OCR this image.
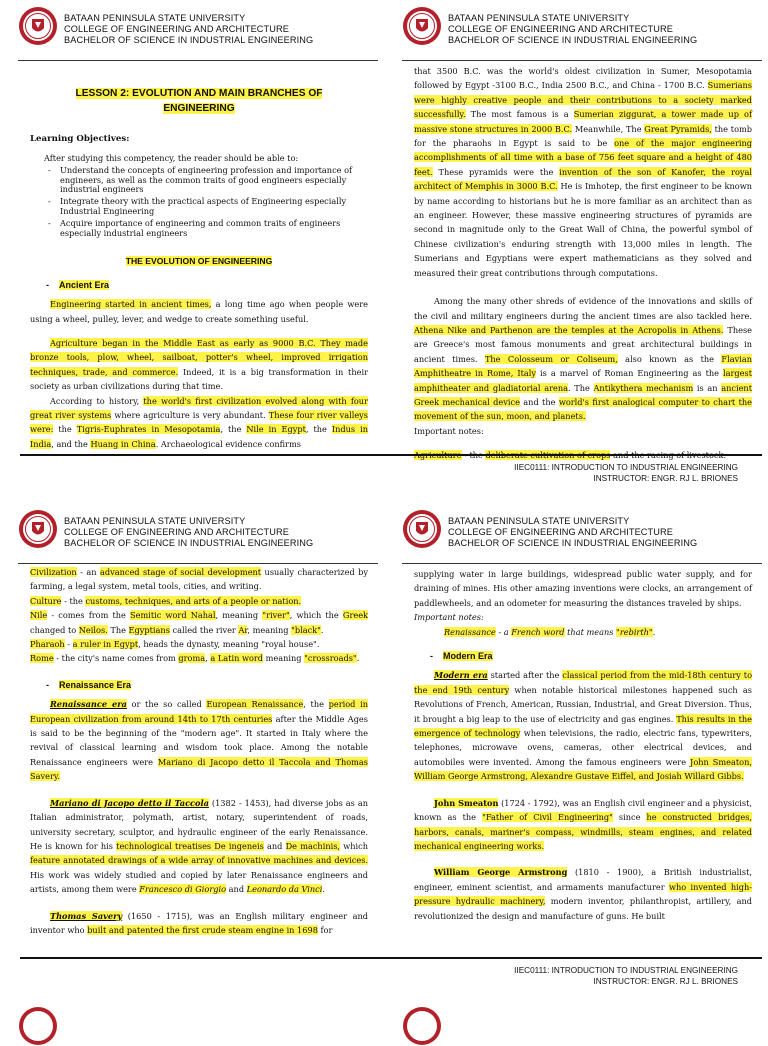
BATAAN PENINSULA STATE UNIVERSITY
COLLEGE OF ENGINEERING AND ARCHITECTURE
BACHELOR OF SCIENCE IN INDUSTRIAL ENGINEERING
LESSON 2: EVOLUTION AND MAIN BRANCHES OF ENGINEERING
Learning Objectives:
After studying this competency, the reader should be able to:
- Understand the concepts of engineering profession and importance of engineers, as well as the common traits of good engineers especially industrial engineers
- Integrate theory with the practical aspects of Engineering especially Industrial Engineering
- Acquire importance of engineering and common traits of engineers especially industrial engineers
THE EVOLUTION OF ENGINEERING
- Ancient Era

Engineering started in ancient times, a long time ago when people were using a wheel, pulley, lever, and wedge to create something useful.

Agriculture began in the Middle East as early as 9000 B.C. They made bronze tools, plow, wheel, sailboat, potter's wheel, improved irrigation techniques, trade, and commerce. Indeed, it is a big transformation in their society as urban civilizations during that time.

According to history, the world's first civilization evolved along with four great river systems where agriculture is very abundant. These four river valleys were: the Tigris-Euphrates in Mesopotamia, the Nile in Egypt, the Indus in India, and the Huang in China. Archaeological evidence confirms

BATAAN PENINSULA STATE UNIVERSITY
COLLEGE OF ENGINEERING AND ARCHITECTURE
BACHELOR OF SCIENCE IN INDUSTRIAL ENGINEERING

that 3500 B.C. was the world's oldest civilization in Sumer, Mesopotamia followed by Egypt -3100 B.C., India 2500 B.C., and China - 1700 B.C. Sumerians were highly creative people and their contributions to a society marked successfully. The most famous is a Sumerian ziggurat, a tower made up of massive stone structures in 2000 B.C. Meanwhile, The Great Pyramids, the tomb for the pharaohs in Egypt is said to be one of the major engineering accomplishments of all time with a base of 756 feet square and a height of 480 feet. These pyramids were the invention of the son of Kanofer, the royal architect of Memphis in 3000 B.C. He is Imhotep, the first engineer to be known by name according to historians but he is more familiar as an architect than as an engineer. However, these massive engineering structures of pyramids are second in magnitude only to the Great Wall of China, the powerful symbol of Chinese civilization's enduring strength with 13,000 miles in length. The Sumerians and Egyptians were expert mathematicians as they solved and measured their great contributions through computations.

Among the many other shreds of evidence of the innovations and skills of the civil and military engineers during the ancient times are also tackled here. Athena Nike and Parthenon are the temples at the Acropolis in Athens. These are Greece's most famous monuments and great architectural buildings in ancient times. The Colosseum or Coliseum, also known as the Flavian Amphitheatre in Rome, Italy is a marvel of Roman Engineering as the largest amphitheater and gladiatorial arena. The Antikythera mechanism is an ancient Greek mechanical device and the world's first analogical computer to chart the movement of the sun, moon, and planets.

Important notes:

Agriculture - the deliberate cultivation of crops and the racing of livestock.

IIEC0111: INTRODUCTION TO INDUSTRIAL ENGINEERING
INSTRUCTOR: ENGR. RJ L. BRIONES
BATAAN PENINSULA STATE UNIVERSITY
COLLEGE OF ENGINEERING AND ARCHITECTURE
BACHELOR OF SCIENCE IN INDUSTRIAL ENGINEERING

Civilization - an advanced stage of social development usually characterized by farming, a legal system, metal tools, cities, and writing.

Culture - the customs, techniques, and arts of a people or nation.

Nile - comes from the Semitic word Nahal, meaning "river", which the Greek changed to Neilos. The Egyptians called the river Ar, meaning "black".

Pharaoh - a ruler in Egypt, heads the dynasty, meaning "royal house".

Rome - the city's name comes from groma, a Latin word meaning "crossroads".

- Renaissance Era

Renaissance era or the so called European Renaissance, the period in European civilization from around 14th to 17th centuries after the Middle Ages is said to be the beginning of the "modern age". It started in Italy where the revival of classical learning and wisdom took place. Among the notable Renaissance engineers were Mariano di Jacopo detto il Taccola and Thomas Savery.

Mariano di Jacopo detto il Taccola (1382 - 1453), had diverse jobs as an Italian administrator, polymath, artist, notary, superintendent of roads, university secretary, sculptor, and hydraulic engineer of the early Renaissance. He is known for his technological treatises De ingeneis and De machinis, which feature annotated drawings of a wide array of innovative machines and devices. His work was widely studied and copied by later Renaissance engineers and artists, among them were Francesco di Giorgio and Leonardo da Vinci.

Thomas Savery (1650 - 1715), was an English military engineer and inventor who built and patented the first crude steam engine in 1698 for

BATAAN PENINSULA STATE UNIVERSITY
COLLEGE OF ENGINEERING AND ARCHITECTURE
BACHELOR OF SCIENCE IN INDUSTRIAL ENGINEERING

supplying water in large buildings, widespread public water supply, and for draining of mines. His other amazing inventions were clocks, an arrangement of paddlewheels, and an odometer for measuring the distances traveled by ships.

Important notes:

Renaissance - a French word that means "rebirth".

- Modern Era

Modern era started after the classical period from the mid-18th century to the end 19th century when notable historical milestones happened such as Revolutions of French, American, Russian, Industrial, and Great Diversion. Thus, it brought a big leap to the use of electricity and gas engines. This results in the emergence of technology when televisions, the radio, electric fans, typewriters, telephones, microwave ovens, cameras, other electrical devices, and automobiles were invented. Among the famous engineers were John Smeaton, William George Armstrong, Alexandre Gustave Eiffel, and Josiah Willard Gibbs.

John Smeaton (1724 - 1792), was an English civil engineer and a physicist, known as the "Father of Civil Engineering" since he constructed bridges, harbors, canals, mariner's compass, windmills, steam engines, and related mechanical engineering works.

William George Armstrong (1810 - 1900), a British industrialist, engineer, eminent scientist, and armaments manufacturer who invented high-pressure hydraulic machinery, modern inventor, philanthropist, artillery, and revolutionized the design and manufacture of guns. He built

IIEC0111: INTRODUCTION TO INDUSTRIAL ENGINEERING
INSTRUCTOR: ENGR. RJ L. BRIONES
